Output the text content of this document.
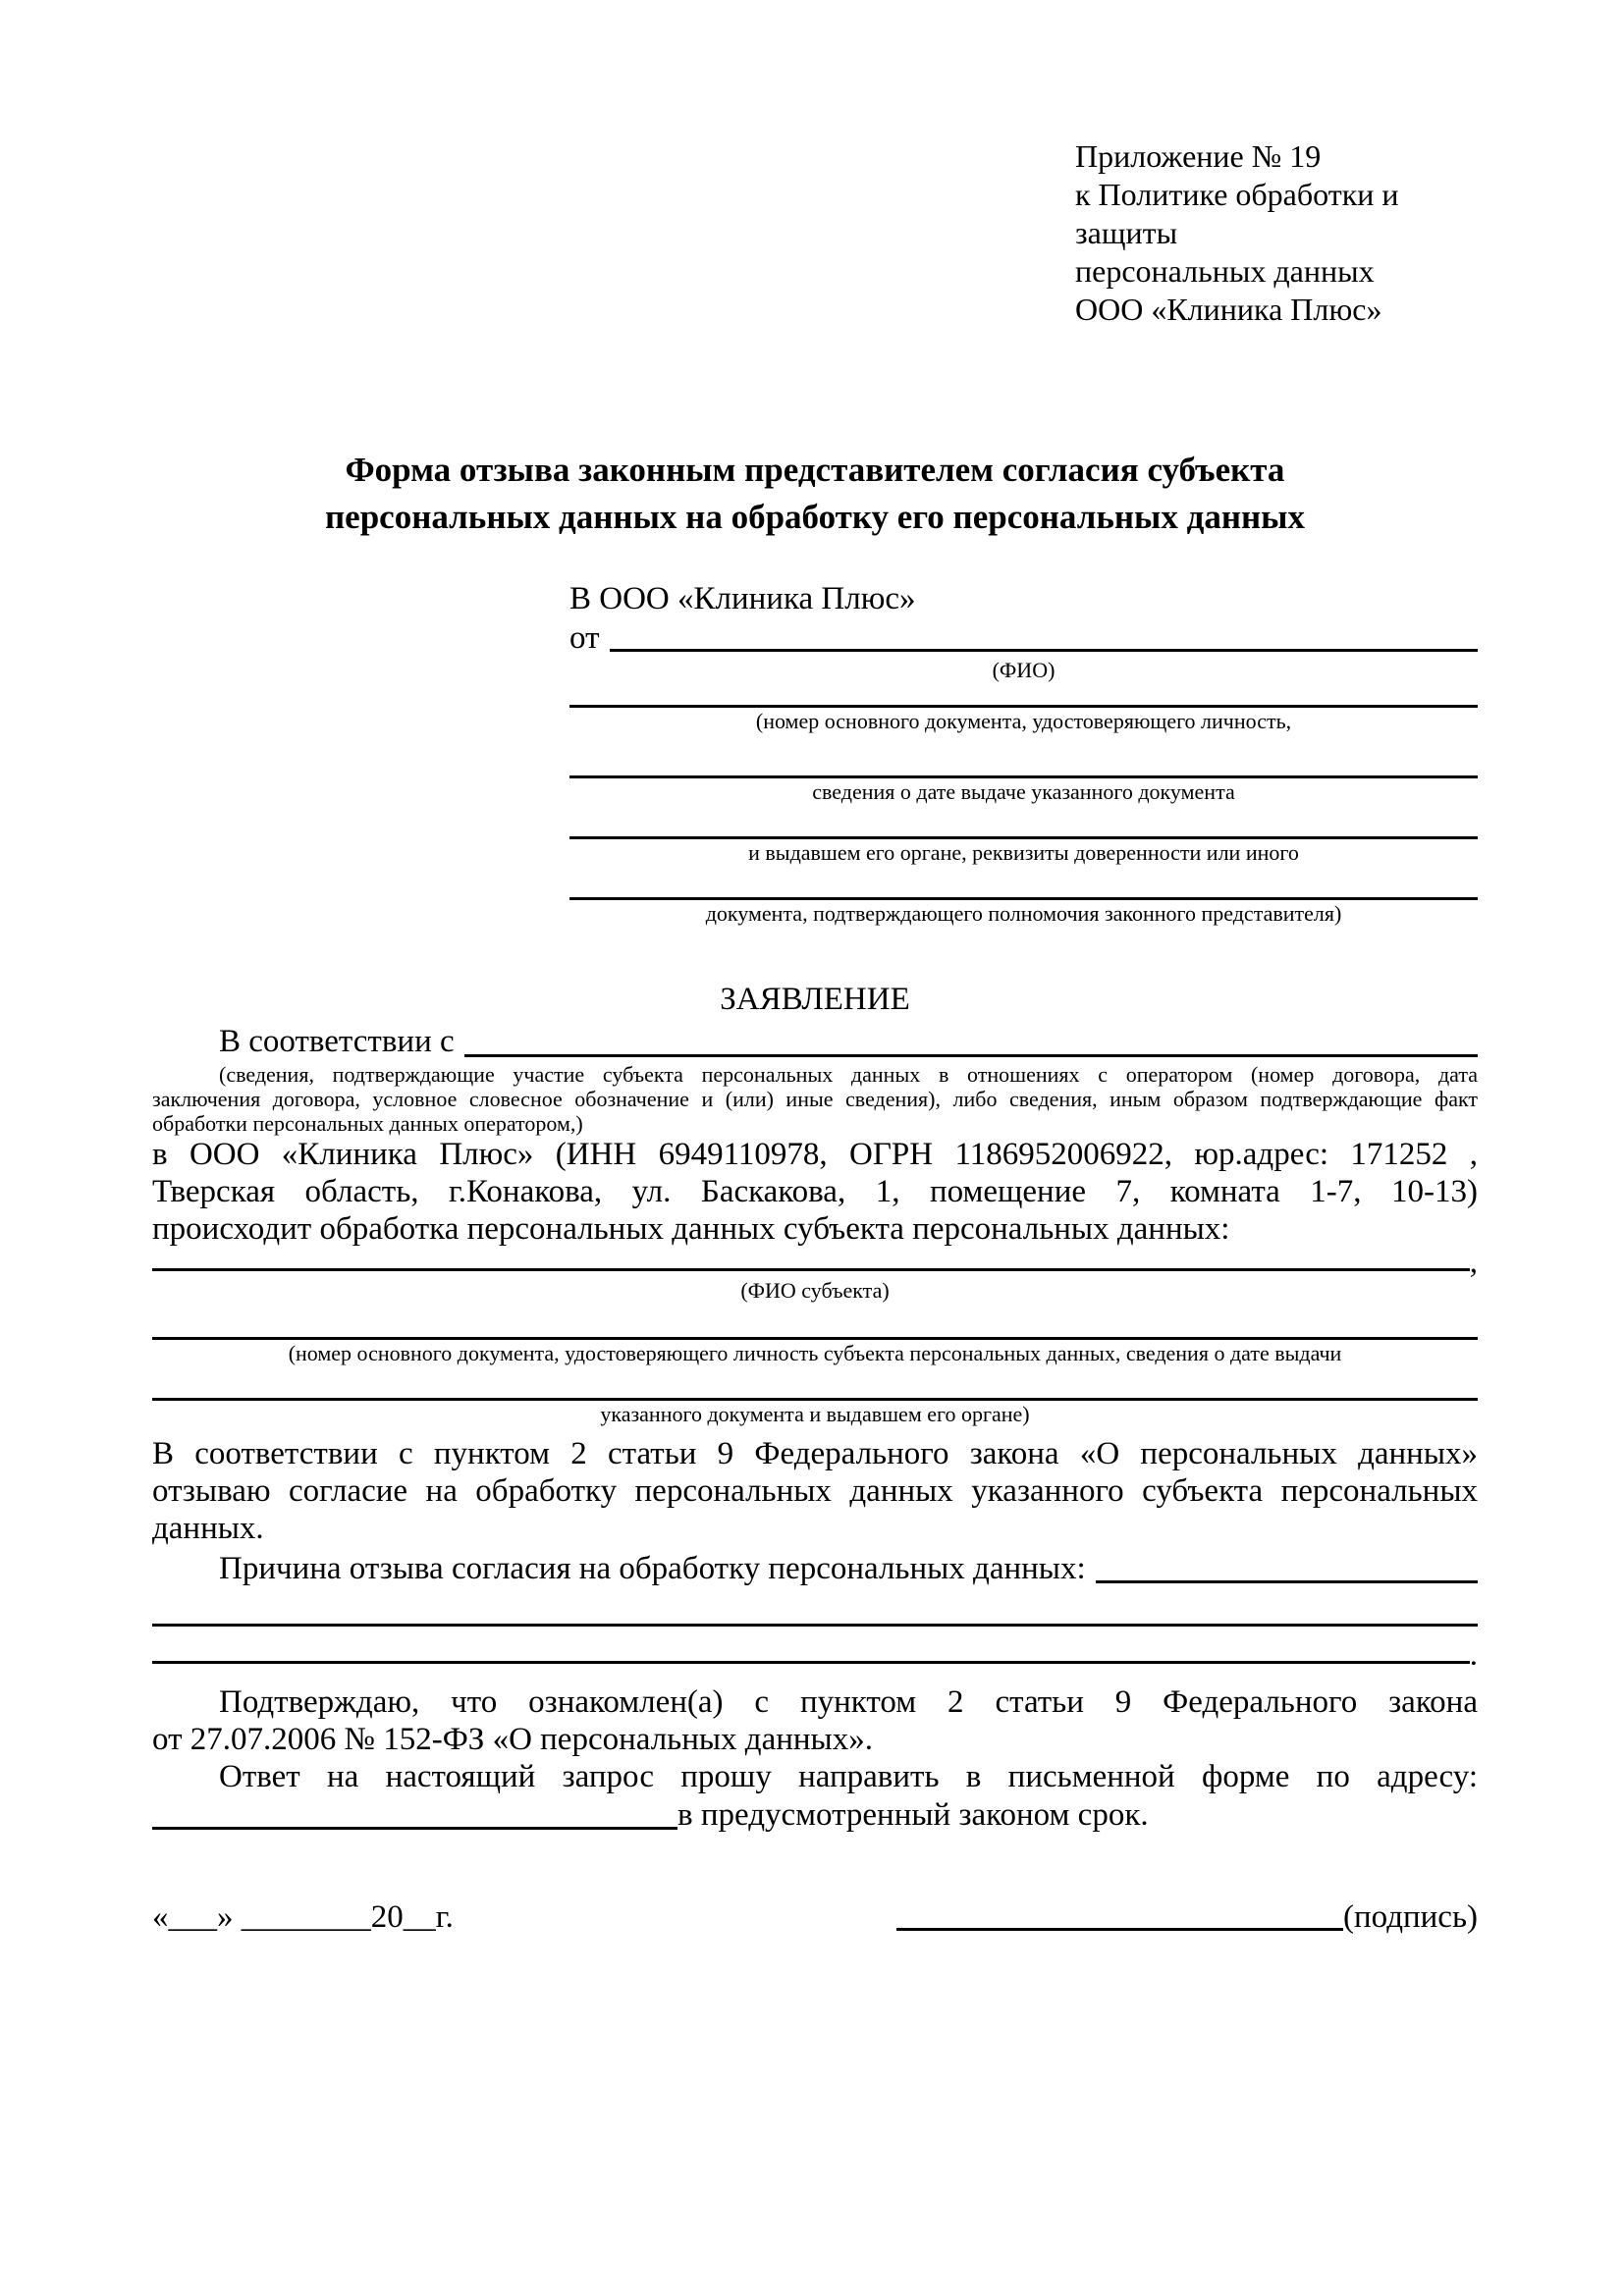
Приложение № 19
к Политике обработки и защиты
персональных данных
ООО «Клиника Плюс»
Форма отзыва законным представителем согласия субъекта персональных данных на обработку его персональных данных
В ООО «Клиника Плюс»
от
(ФИО)
(номер основного документа, удостоверяющего личность,
сведения о дате выдаче указанного документа
и выдавшем его органе, реквизиты доверенности или иного
документа, подтверждающего полномочия законного представителя)
ЗАЯВЛЕНИЕ
В соответствии с
(сведения, подтверждающие участие субъекта персональных данных в отношениях с оператором (номер договора, дата
заключения договора, условное словесное обозначение и (или) иные сведения), либо сведения, иным образом подтверждающие факт
обработки персональных данных оператором,)
в ООО «Клиника Плюс» (ИНН 6949110978, ОГРН 1186952006922, юр.адрес: 171252 ,
Тверская область, г.Конакова, ул. Баскакова, 1, помещение 7, комната 1-7, 10-13)
происходит обработка персональных данных субъекта персональных данных:
,
(ФИО субъекта)
(номер основного документа, удостоверяющего личность субъекта персональных данных, сведения о дате выдачи
указанного документа и выдавшем его органе)
В соответствии с пунктом 2 статьи 9 Федерального закона «О персональных данных»
отзываю согласие на обработку персональных данных указанного субъекта персональных
данных.
Причина отзыва согласия на обработку персональных данных:
.
Подтверждаю, что ознакомлен(а) с пунктом 2 статьи 9 Федерального закона
от 27.07.2006 № 152-ФЗ «О персональных данных».
Ответ на настоящий запрос прошу направить в письменной форме по адресу:
в предусмотренный законом срок.
«___» ________20__г.	(подпись)
